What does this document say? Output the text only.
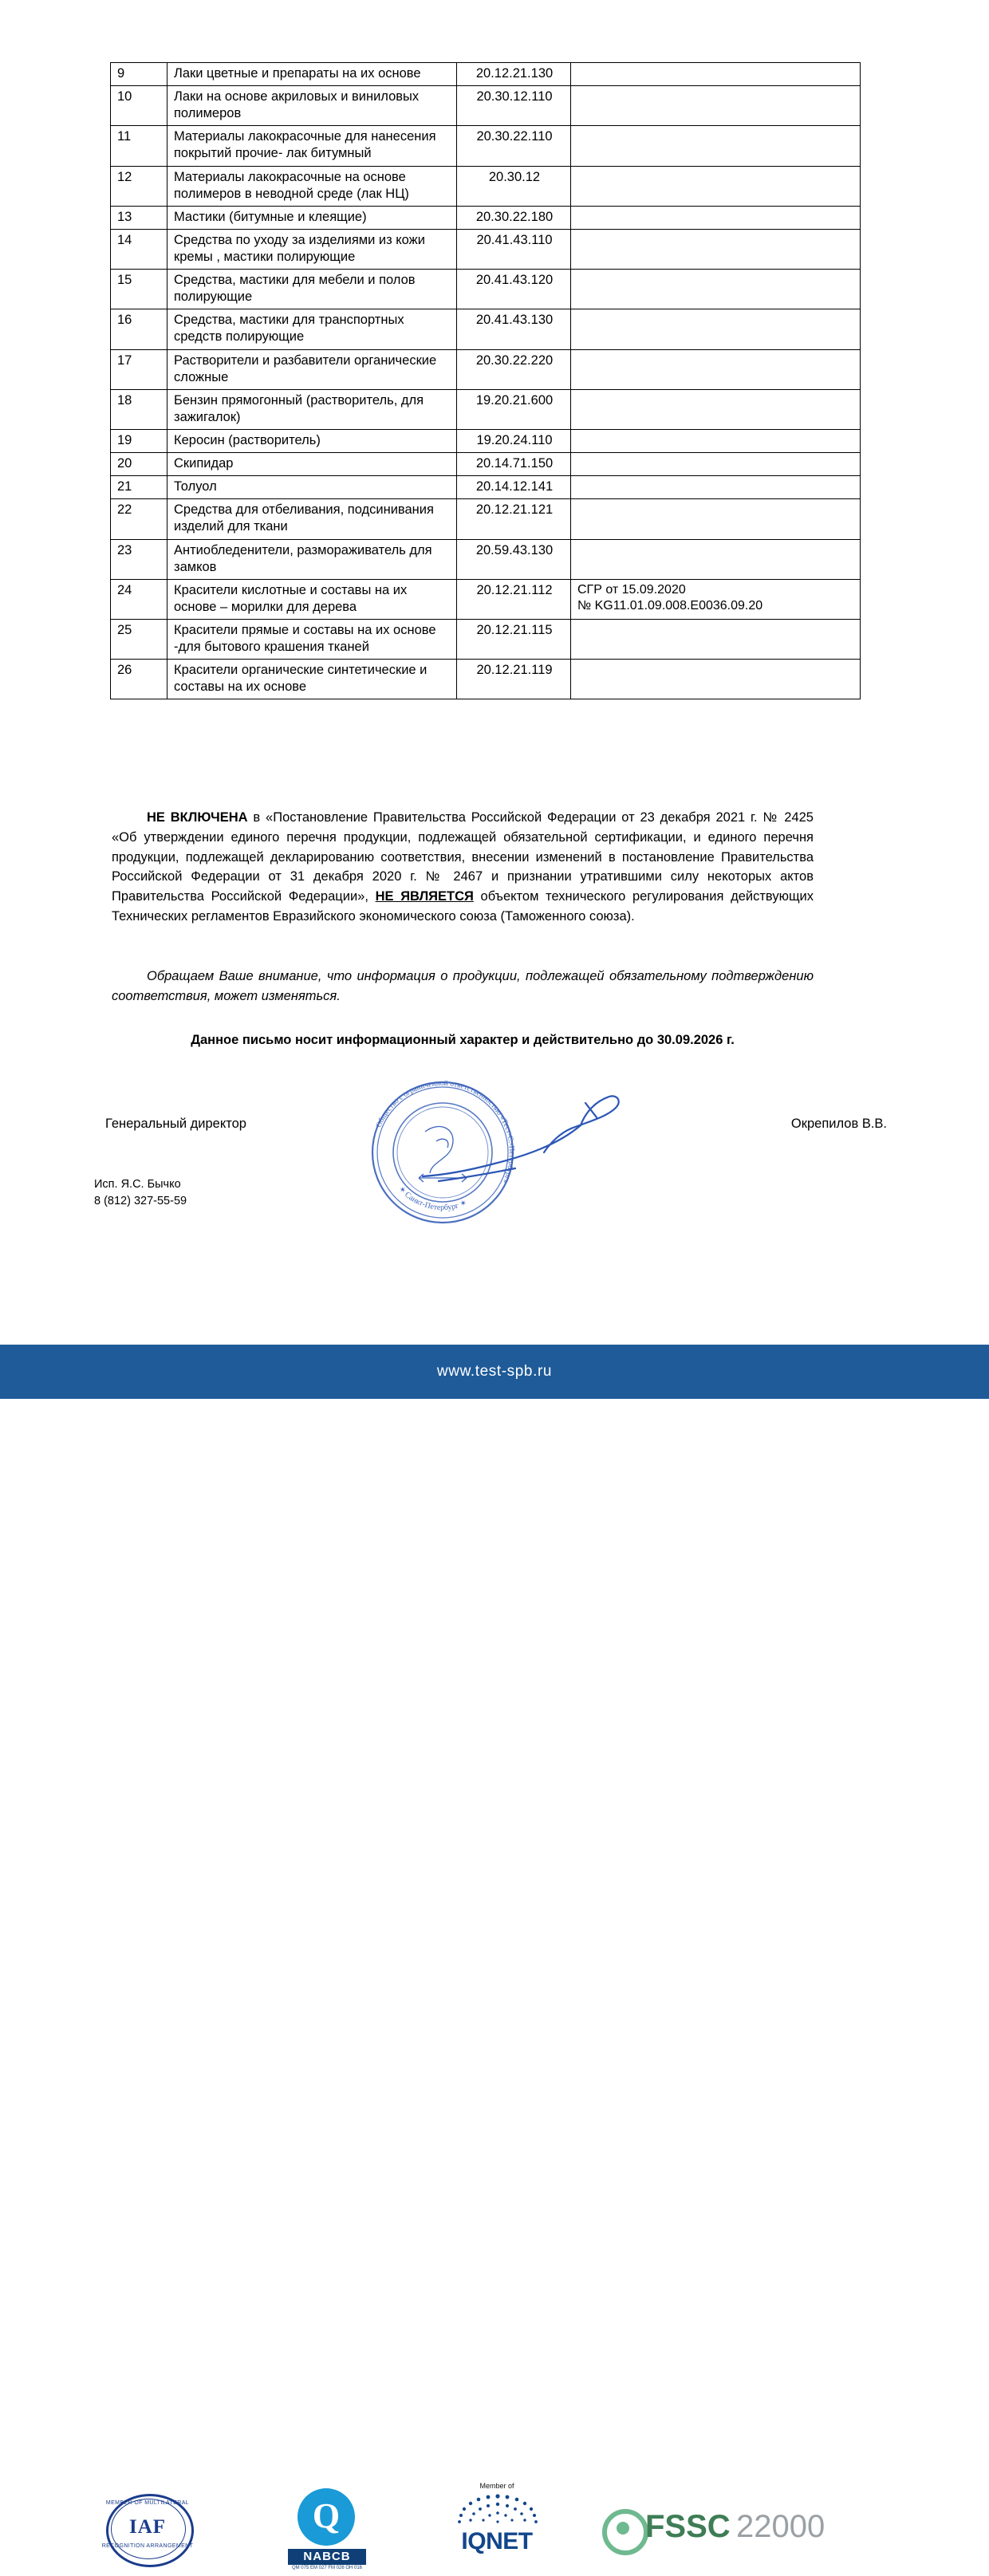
9	Лаки цветные и препараты на их основе	20.12.21.130	
10	Лаки на основе акриловых и виниловых полимеров	20.30.12.110	
11	Материалы лакокрасочные для нанесения покрытий прочие- лак битумный	20.30.22.110	
12	Материалы лакокрасочные на основе полимеров в неводной среде (лак НЦ)	20.30.12	
13	Мастики (битумные и клеящие)	20.30.22.180	
14	Средства по уходу за изделиями из кожи кремы , мастики полирующие	20.41.43.110	
15	Средства, мастики для мебели и полов полирующие	20.41.43.120	
16	Средства, мастики для транспортных средств полирующие	20.41.43.130	
17	Растворители и разбавители органические сложные	20.30.22.220	
18	Бензин прямогонный (растворитель, для зажигалок)	19.20.21.600	
19	Керосин (растворитель)	19.20.24.110	
20	Скипидар	20.14.71.150	
21	Толуол	20.14.12.141	
22	Средства для отбеливания, подсинивания изделий для ткани	20.12.21.121	
23	Антиобледенители, размораживатель для замков	20.59.43.130	
24	Красители кислотные и составы на их основе – морилки для дерева	20.12.21.112	СГР от 15.09.2020
№ KG11.01.09.008.E0036.09.20

25	Красители прямые и составы на их основе -для бытового крашения тканей	20.12.21.115	
26	Красители органические синтетические и составы на их основе	20.12.21.119	
НЕ ВКЛЮЧЕНА в «Постановление Правительства Российской Федерации от 23 декабря 2021 г. № 2425 «Об утверждении единого перечня продукции, подлежащей обязательной сертификации, и единого перечня продукции, подлежащей декларированию соответствия, внесении изменений в постановление Правительства Российской Федерации от 31 декабря 2020 г. № 2467 и признании утратившими силу некоторых актов Правительства Российской Федерации», НЕ ЯВЛЯЕТСЯ объектом технического регулирования действующих Технических регламентов Евразийского экономического союза (Таможенного союза).
Обращаем Ваше внимание, что информация о продукции, подлежащей обязательному подтверждению соответствия, может изменяться.
Данное письмо носит информационный характер и действительно до 30.09.2026 г.
Генеральный директор	Окрепилов В.В.
Исп. Я.С. Бычко
8 (812) 327-55-59
Общество с ограниченной ответственностью «Тест-С.-Петербург»
✶ Санкт-Петербург ✶
MEMBER OF MULTILATERAL
IAF
RECOGNITION ARRANGEMENT
Q
NABCB
QM 075 EM 027 FM 026 OH 016
Member of
IQNET	FSSC 22000
www.test-spb.ru
